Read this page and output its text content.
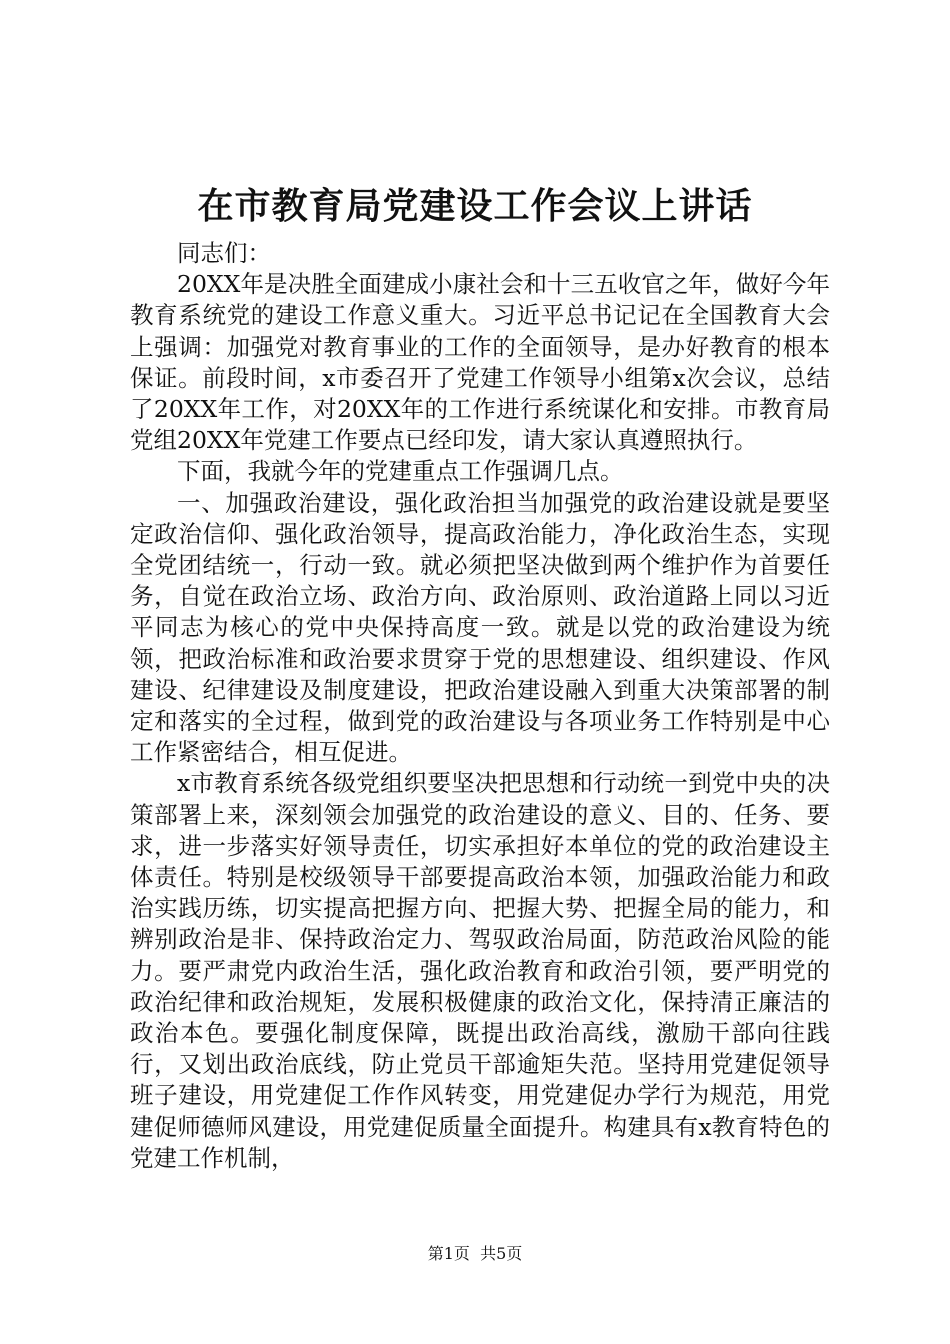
在市教育局党建设工作会议上讲话

同志们：

20XX年是决胜全面建成小康社会和十三五收官之年，做好今年教育系统党的建设工作意义重大。习近平总书记记在全国教育大会上强调：加强党对教育事业的工作的全面领导，是办好教育的根本保证。前段时间，x市委召开了党建工作领导小组第x次会议，总结了20XX年工作，对20XX年的工作进行系统谋化和安排。市教育局党组20XX年党建工作要点已经印发，请大家认真遵照执行。

下面，我就今年的党建重点工作强调几点。

一、加强政治建设，强化政治担当加强党的政治建设就是要坚定政治信仰、强化政治领导，提高政治能力，净化政治生态，实现全党团结统一，行动一致。就必须把坚决做到两个维护作为首要任务，自觉在政治立场、政治方向、政治原则、政治道路上同以习近平同志为核心的党中央保持高度一致。就是以党的政治建设为统领，把政治标准和政治要求贯穿于党的思想建设、组织建设、作风建设、纪律建设及制度建设，把政治建设融入到重大决策部署的制定和落实的全过程，做到党的政治建设与各项业务工作特别是中心工作紧密结合，相互促进。

x市教育系统各级党组织要坚决把思想和行动统一到党中央的决策部署上来，深刻领会加强党的政治建设的意义、目的、任务、要求，进一步落实好领导责任，切实承担好本单位的党的政治建设主体责任。特别是校级领导干部要提高政治本领，加强政治能力和政治实践历练，切实提高把握方向、把握大势、把握全局的能力，和辨别政治是非、保持政治定力、驾驭政治局面，防范政治风险的能力。要严肃党内政治生活，强化政治教育和政治引领，要严明党的政治纪律和政治规矩，发展积极健康的政治文化，保持清正廉洁的政治本色。要强化制度保障，既提出政治高线，激励干部向往践行，又划出政治底线，防止党员干部逾矩失范。坚持用党建促领导班子建设，用党建促工作作风转变，用党建促办学行为规范，用党建促师德师风建设，用党建促质量全面提升。构建具有x教育特色的党建工作机制，

第1页 共5页
